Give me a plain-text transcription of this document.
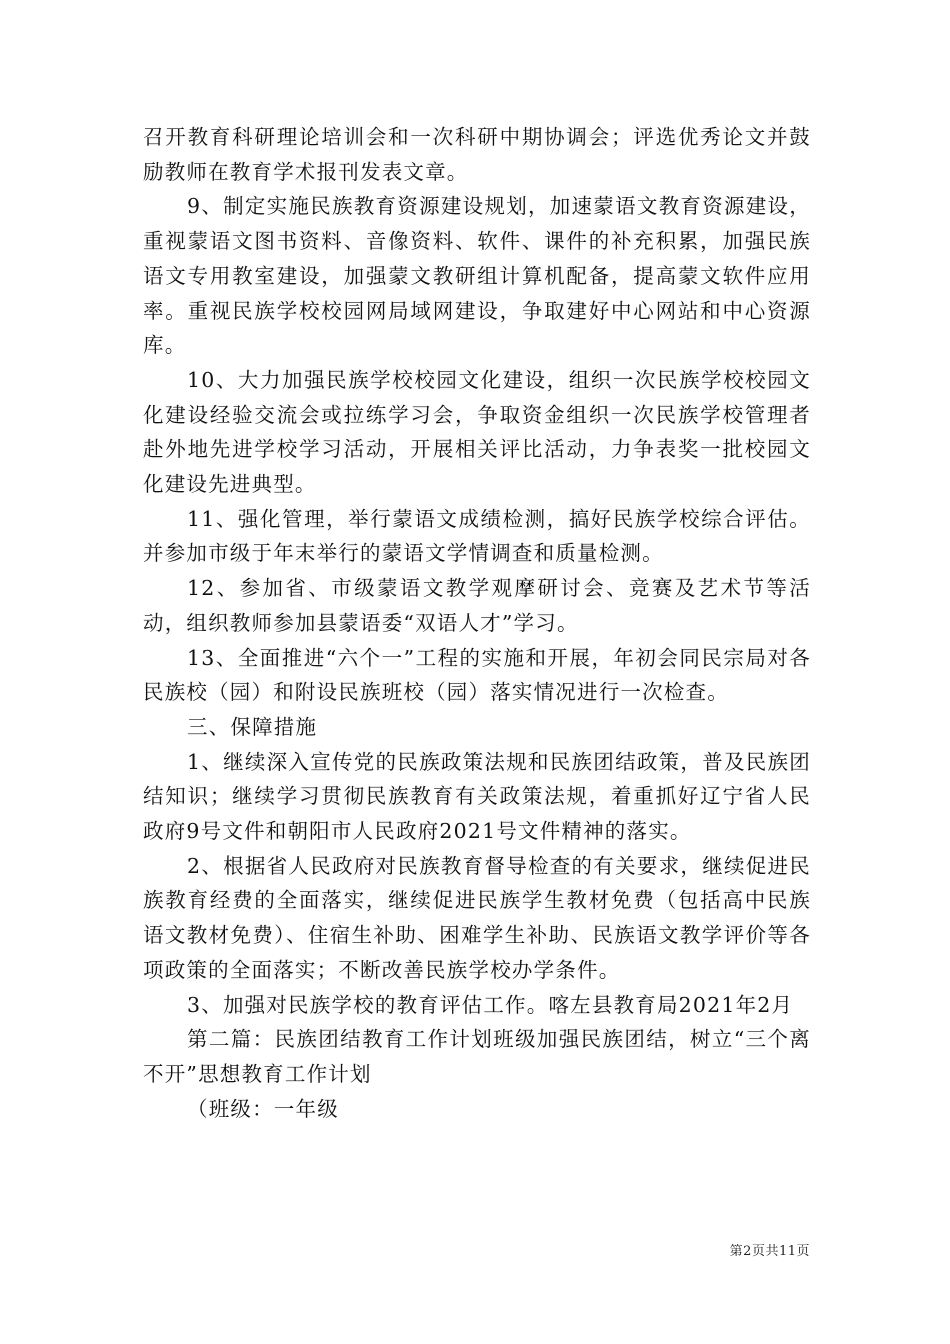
召开教育科研理论培训会和一次科研中期协调会；评选优秀论文并鼓励教师在教育学术报刊发表文章。

9、制定实施民族教育资源建设规划，加速蒙语文教育资源建设，重视蒙语文图书资料、音像资料、软件、课件的补充积累，加强民族语文专用教室建设，加强蒙文教研组计算机配备，提高蒙文软件应用率。重视民族学校校园网局域网建设，争取建好中心网站和中心资源库。

10、大力加强民族学校校园文化建设，组织一次民族学校校园文化建设经验交流会或拉练学习会，争取资金组织一次民族学校管理者赴外地先进学校学习活动，开展相关评比活动，力争表奖一批校园文化建设先进典型。

11、强化管理，举行蒙语文成绩检测，搞好民族学校综合评估。并参加市级于年末举行的蒙语文学情调查和质量检测。

12、参加省、市级蒙语文教学观摩研讨会、竞赛及艺术节等活动，组织教师参加县蒙语委“双语人才”学习。

13、全面推进“六个一”工程的实施和开展，年初会同民宗局对各民族校（园）和附设民族班校（园）落实情况进行一次检查。

三、保障措施

1、继续深入宣传党的民族政策法规和民族团结政策，普及民族团结知识；继续学习贯彻民族教育有关政策法规，着重抓好辽宁省人民政府9号文件和朝阳市人民政府2021号文件精神的落实。

2、根据省人民政府对民族教育督导检查的有关要求，继续促进民族教育经费的全面落实，继续促进民族学生教材免费（包括高中民族语文教材免费）、住宿生补助、困难学生补助、民族语文教学评价等各项政策的全面落实；不断改善民族学校办学条件。

3、加强对民族学校的教育评估工作。喀左县教育局2021年2月

第二篇：民族团结教育工作计划班级加强民族团结，树立“三个离不开”思想教育工作计划

（班级：一年级

第2页共11页
